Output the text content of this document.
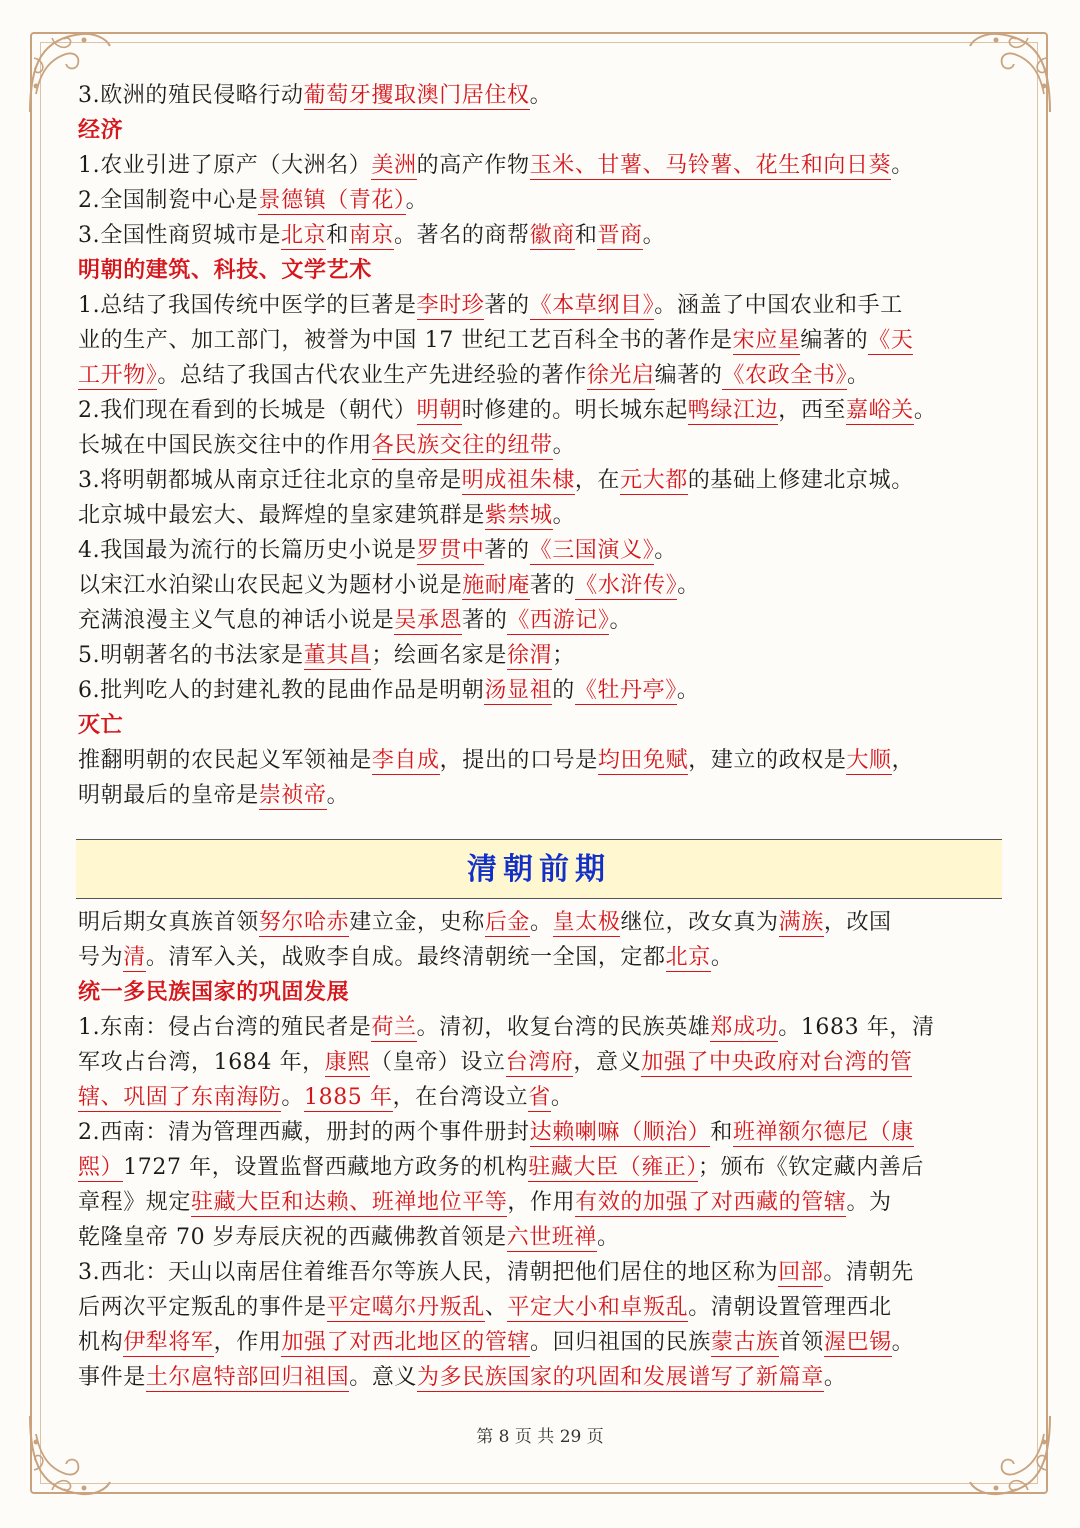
3.欧洲的殖民侵略行动葡萄牙攫取澳门居住权。
经济
1.农业引进了原产（大洲名）美洲的高产作物玉米、甘薯、马铃薯、花生和向日葵。
2.全国制瓷中心是景德镇（青花）。
3.全国性商贸城市是北京和南京。著名的商帮徽商和晋商。
明朝的建筑、科技、文学艺术
1.总结了我国传统中医学的巨著是李时珍著的《本草纲目》。涵盖了中国农业和手工
业的生产、加工部门，被誉为中国 17 世纪工艺百科全书的著作是宋应星编著的《天
工开物》。总结了我国古代农业生产先进经验的著作徐光启编著的《农政全书》。
2.我们现在看到的长城是（朝代）明朝时修建的。明长城东起鸭绿江边，西至嘉峪关。
长城在中国民族交往中的作用各民族交往的纽带。
3.将明朝都城从南京迁往北京的皇帝是明成祖朱棣，在元大都的基础上修建北京城。
北京城中最宏大、最辉煌的皇家建筑群是紫禁城。
4.我国最为流行的长篇历史小说是罗贯中著的《三国演义》。
以宋江水泊梁山农民起义为题材小说是施耐庵著的《水浒传》。
充满浪漫主义气息的神话小说是吴承恩著的《西游记》。
5.明朝著名的书法家是董其昌；绘画名家是徐渭；
6.批判吃人的封建礼教的昆曲作品是明朝汤显祖的《牡丹亭》。
灭亡
推翻明朝的农民起义军领袖是李自成，提出的口号是均田免赋，建立的政权是大顺，
明朝最后的皇帝是崇祯帝。
清朝前期
明后期女真族首领努尔哈赤建立金，史称后金。皇太极继位，改女真为满族，改国
号为清。清军入关，战败李自成。最终清朝统一全国，定都北京。
统一多民族国家的巩固发展
1.东南：侵占台湾的殖民者是荷兰。清初，收复台湾的民族英雄郑成功。1683 年，清
军攻占台湾，1684 年，康熙（皇帝）设立台湾府，意义加强了中央政府对台湾的管
辖、巩固了东南海防。1885 年，在台湾设立省。
2.西南：清为管理西藏，册封的两个事件册封达赖喇嘛（顺治）和班禅额尔德尼（康
熙）1727 年，设置监督西藏地方政务的机构驻藏大臣（雍正）；颁布《钦定藏内善后
章程》规定驻藏大臣和达赖、班禅地位平等，作用有效的加强了对西藏的管辖。为
乾隆皇帝 70 岁寿辰庆祝的西藏佛教首领是六世班禅。
3.西北：天山以南居住着维吾尔等族人民，清朝把他们居住的地区称为回部。清朝先
后两次平定叛乱的事件是平定噶尔丹叛乱、平定大小和卓叛乱。清朝设置管理西北
机构伊犁将军，作用加强了对西北地区的管辖。回归祖国的民族蒙古族首领渥巴锡。
事件是土尔扈特部回归祖国。意义为多民族国家的巩固和发展谱写了新篇章。
第 8 页 共 29 页
